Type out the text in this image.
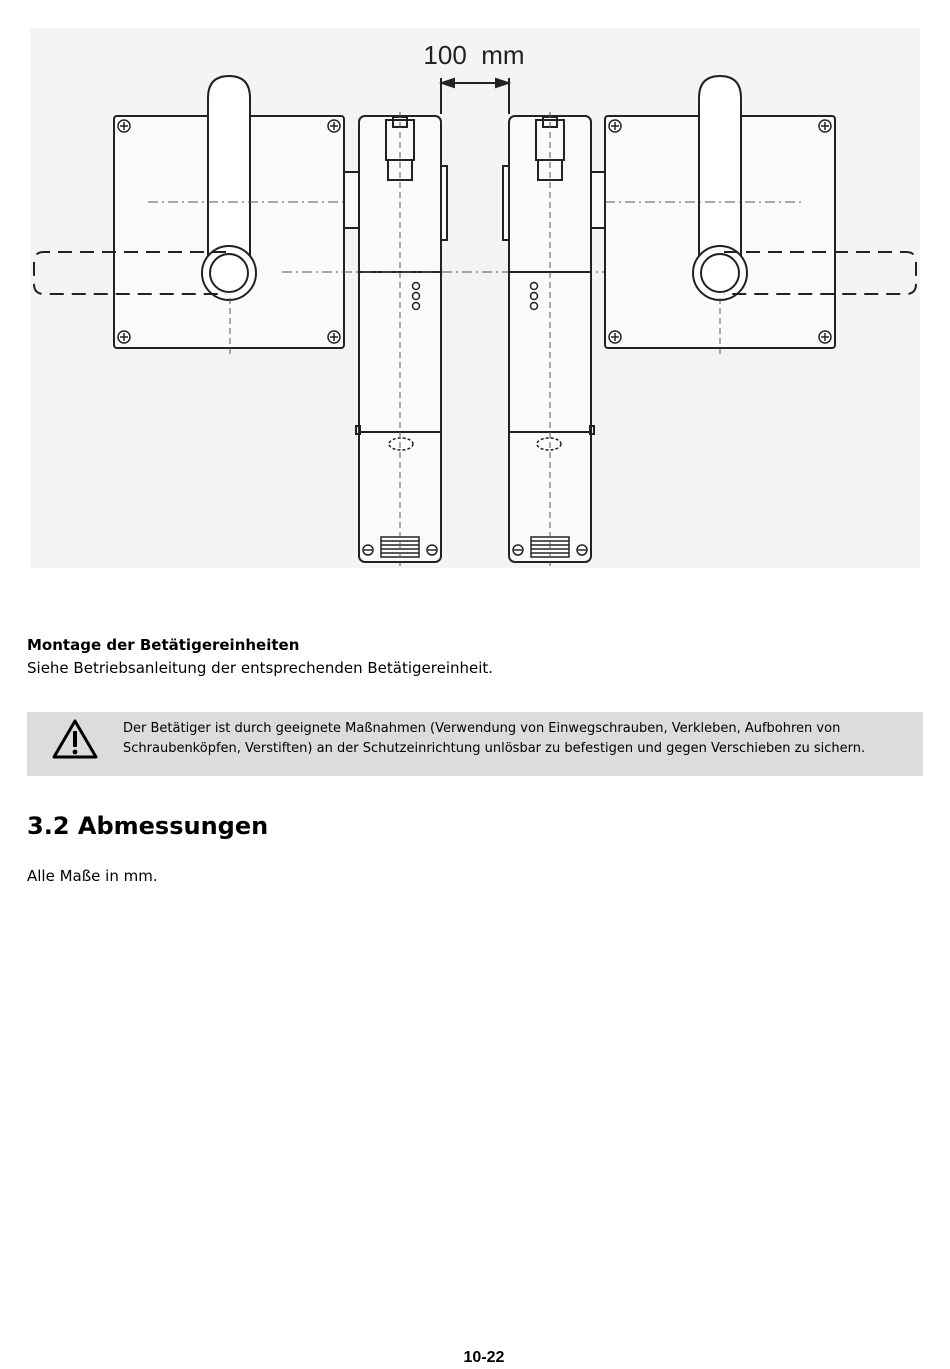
100  mm

Montage der Betätigereinheiten

Siehe Betriebsanleitung der entsprechenden Betätigereinheit.

Der Betätiger ist durch geeignete Maßnahmen (Verwendung von Einwegschrauben, Verkleben, Aufbohren von Schraubenköpfen, Verstiften) an der Schutzeinrichtung unlösbar zu befestigen und gegen Verschieben zu sichern.
3.2 Abmessungen

Alle Maße in mm.

10-22
